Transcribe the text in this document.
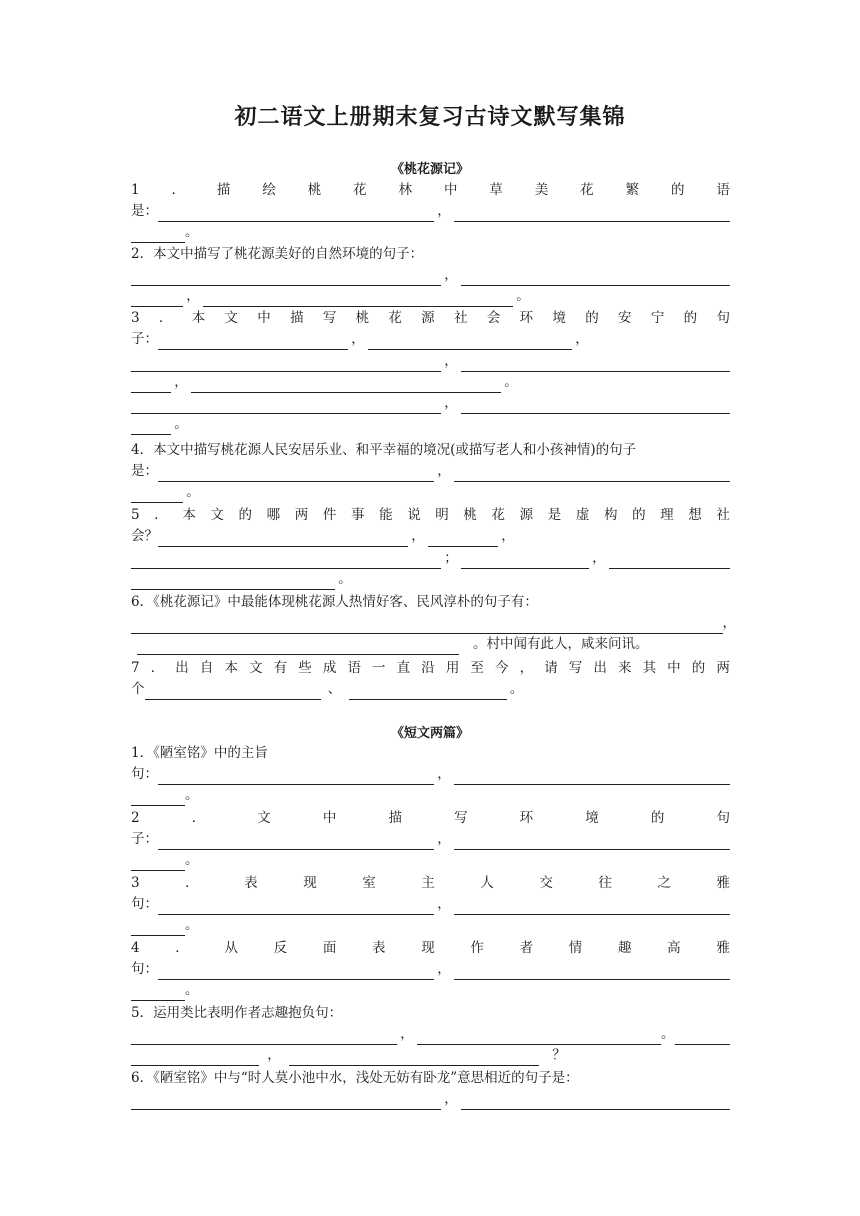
初二语文上册期末复习古诗文默写集锦
《桃花源记》
1 ． 描 绘 桃 花 林 中 草 美 花 繁 的 语
是：	，
。
2．本文中描写了桃花源美好的自然环境的句子：
，
，	。
3 ． 本 文 中 描 写 桃 花 源 社 会 环 境 的 安 宁 的 句
子：	，	，
，
，	。
，
。
4．本文中描写桃花源人民安居乐业、和平幸福的境况(或描写老人和小孩神情)的句子
是：	，
。
5 ． 本 文 的 哪 两 件 事 能 说 明 桃 花 源 是 虚 构 的 理 想 社
会？	，	，
；	，
。
6．《桃花源记》中最能体现桃花源人热情好客、民风淳朴的句子有：
，
。村中闻有此人，咸来问讯。
7 ． 出 自 本 文 有 些 成 语 一 直 沿 用 至 今 ， 请 写 出 来 其 中 的 两
个	、	。
《短文两篇》
1．《陋室铭》中的主旨
句：	，
。
2	．	文	中	描	写	环	境	的	句
子：	，
。
3	．	表	现	室	主	人	交	往	之	雅
句：	，
。
4	．	从	反	面	表	现	作	者	情	趣	高	雅
句：	，
。
5．运用类比表明作者志趣抱负句：
，	。
，	？
6．《陋室铭》中与“时人莫小池中水，浅处无妨有卧龙”意思相近的句子是：
，
